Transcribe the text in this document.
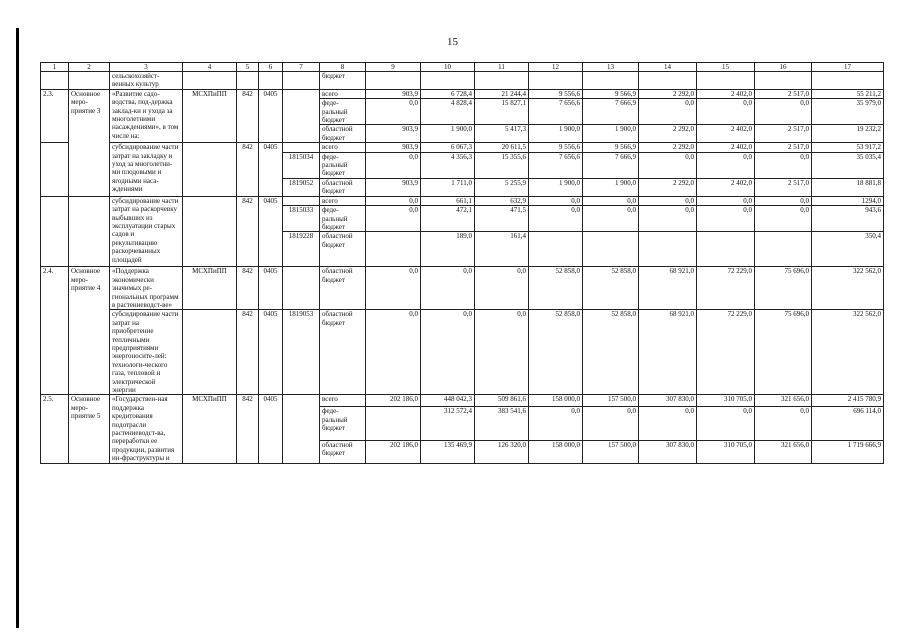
15
1	2	3	4	5	6	7	8	9	10	11	12	13	14	15	16	17
		сельскохозяйст-венных культур					бюджет									
2.3.	Основное меро-приятие 3	«Развитие садо-водства, под-держка заклад-ки и ухода за многолетними насаждениями», в том числе на:	МСХПиПП	842	0405		всего	903,9	6 728,4	21 244,4	9 556,6	9 566,9	2 292,0	2 402,0	2 517,0	55 211,2
							феде-ральный бюджет	0,0	4 828,4	15 827,1	7 656,6	7 666,9	0,0	0,0	0,0	35 979,0
							областной бюджет	903,9	1 900,0	5 417,3	1 900,0	1 900,0	2 292,0	2 402,0	2 517,0	19 232,2
		субсидирование части затрат на закладку и уход за многолетни-ми плодовыми и ягодными наса-ждениями		842	0405		всего	903,9	6 067,3	20 611,5	9 556,6	9 566,9	2 292,0	2 402,0	2 517,0	53 917,2
						1815034	феде-ральный бюджет	0,0	4 356,3	15 355,6	7 656,6	7 666,9	0,0	0,0	0,0	35 035,4
						1819052	областной бюджет	903,9	1 711,0	5 255,9	1 900,0	1 900,0	2 292,0	2 402,0	2 517,0	18 881,8
		субсидирование части затрат на раскорчевку выбывших из эксплуатации старых садов и рекультивацию раскорчеванных площадей		842	0405		всего	0,0	661,1	632,9	0,0	0,0	0,0	0,0	0,0	1294,0
						1815033	феде-ральный бюджет	0,0	472,1	471,5	0,0	0,0	0,0	0,0	0,0	943,6
						1819228	областной бюджет		189,0	161,4						350,4
2.4.	Основное меро-приятие 4	«Поддержка экономически значимых ре-гиональных программ в растениеводст-ве»	МСХПиПП	842	0405		областной бюджет	0,0	0,0	0,0	52 858,0	52 858,0	68 921,0	72 229,0	75 696,0	322 562,0
		субсидирование части затрат на приобретение тепличными предприятиями энергоносите-лей: технологи-ческого газа, тепловой и электрической энергии		842	0405	1819053	областной бюджет	0,0	0,0	0,0	52 858,0	52 858,0	68 921,0	72 229,0	75 696,0	322 562,0
2.5.	Основное меро-приятие 5	«Государствен-ная поддержка кредитования подотрасли растениеводст-ва, переработки ее продукции, развития ин-фраструктуры и	МСХПиПП	842	0405		всего	202 186,0	448 042,3	509 861,6	158 000,0	157 500,0	307 830,0	310 705,0	321 656,0	2 415 780,9
							феде-ральный бюджет		312 572,4	383 541,6	0,0	0,0	0,0	0,0	0,0	696 114,0
							областной бюджет	202 186,0	135 469,9	126 320,0	158 000,0	157 500,0	307 830,0	310 705,0	321 656,0	1 719 666,9
